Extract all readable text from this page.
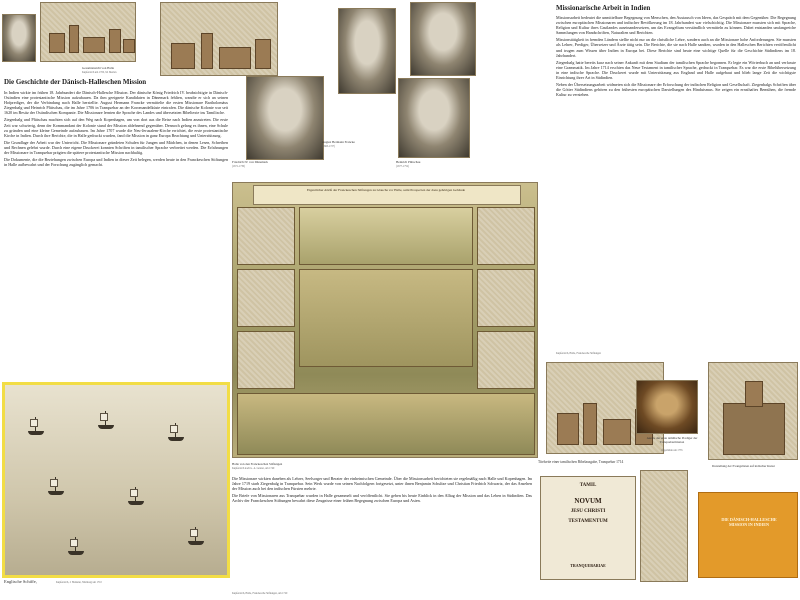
Gesamtansicht von Halle
Kupferstich um 1700, M. Merian
Friedrich IV. von Dänemark
(1671-1730)
August Hermann Francke
(1663-1727)
Heinrich Plütschau
(1677-1752)
Die Geschichte der Dänisch-Halleschen Mission

In Indien wirkte im frühen 18. Jahrhundert die Dänisch-Hallesche Mission. Der dänische König Friedrich IV. beabsichtigte in Dänisch-Ostindien eine protestantische Mission aufzubauen. Da ihm geeignete Kandidaten in Dänemark fehlten, wandte er sich an seinen Hofprediger, der die Verbindung nach Halle herstellte. August Hermann Francke vermittelte die ersten Missionare Bartholomäus Ziegenbalg und Heinrich Plütschau, die im Jahre 1706 in Tranquebar an der Koromandelküste eintrafen. Die dänische Kolonie war seit 1620 im Besitz der Ostindischen Kompanie. Die Missionare lernten die Sprache des Landes und übersetzten Bibeltexte ins Tamilische.

Ziegenbalg und Plütschau machten sich auf den Weg nach Kopenhagen, um von dort aus die Reise nach Indien anzutreten. Die erste Zeit war schwierig, denn der Kommandant der Kolonie stand der Mission ablehnend gegenüber. Dennoch gelang es ihnen, eine Schule zu gründen und eine kleine Gemeinde aufzubauen. Im Jahre 1707 wurde die Neu-Jerusalem-Kirche errichtet, die erste protestantische Kirche in Indien. Durch ihre Berichte, die in Halle gedruckt wurden, fand die Mission in ganz Europa Beachtung und Unterstützung.

Die Grundlage der Arbeit war der Unterricht. Die Missionare gründeten Schulen für Jungen und Mädchen, in denen Lesen, Schreiben und Rechnen gelehrt wurde. Durch eine eigene Druckerei konnten Schriften in tamilischer Sprache verbreitet werden. Die Erfahrungen der Missionare in Tranquebar prägten die spätere protestantische Mission nachhaltig.

Die Dokumente, die die Beziehungen zwischen Europa und Indien in dieser Zeit belegen, werden heute in den Franckeschen Stiftungen in Halle aufbewahrt und der Forschung zugänglich gemacht.

Englische Schiffe,	Kupferstich, J. Homann, Nürnberg um 1710
Eigentlicher Abriß der Franckeschen Stiftungen zu Glaucha vor Halle, samt Prospecten der dazu gehörigen Gebäude
Halle von den Franckeschen Stiftungen
Kupferstich nach G. A. Gruner, um 1749

Die Missionare wirkten daneben als Lehrer, Seelsorger und Berater der einheimischen Gemeinde. Über die Missionsarbeit berichteten sie regelmäßig nach Halle und Kopenhagen. Im Jahre 1719 starb Ziegenbalg in Tranquebar. Sein Werk wurde von seinen Nachfolgern fortgesetzt, unter ihnen Benjamin Schultze und Christian Friedrich Schwartz, der das Ansehen der Mission auch bei den indischen Fürsten mehrte.

Die Briefe von Missionaren aus Tranquebar wurden in Halle gesammelt und veröffentlicht. Sie geben bis heute Einblick in den Alltag der Mission und das Leben in Südindien. Das Archiv der Franckeschen Stiftungen bewahrt diese Zeugnisse einer frühen Begegnung zwischen Europa und Asien.

Kupferstich, Halle, Franckesche Stiftungen, um 1720
Missionarische Arbeit in Indien

Missionsarbeit bedeutet die unmittelbare Begegnung von Menschen, den Austausch von Ideen, das Gespräch mit dem Gegenüber. Die Begegnung zwischen europäischen Missionaren und indischer Bevölkerung im 18. Jahrhundert war vielschichtig. Die Missionare mussten sich mit Sprache, Religion und Kultur ihres Gastlandes auseinandersetzen, um das Evangelium verständlich vermitteln zu können. Dabei entstanden umfangreiche Sammlungen von Handschriften, Naturalien und Berichten.

Missionstätigkeit in fremden Ländern stellte nicht nur an die christliche Lehre, sondern auch an die Missionare hohe Anforderungen. Sie mussten als Lehrer, Prediger, Übersetzer und Ärzte tätig sein. Die Berichte, die sie nach Halle sandten, wurden in den Halleschen Berichten veröffentlicht und trugen zum Wissen über Indien in Europa bei. Diese Berichte sind heute eine wichtige Quelle für die Geschichte Südindiens im 18. Jahrhundert.

Ziegenbalg hatte bereits kurz nach seiner Ankunft mit dem Studium der tamilischen Sprache begonnen. Er legte ein Wörterbuch an und verfasste eine Grammatik. Im Jahre 1714 erschien das Neue Testament in tamilischer Sprache, gedruckt in Tranquebar. Es war die erste Bibelübersetzung in eine indische Sprache. Die Druckerei wurde mit Unterstützung aus England und Halle aufgebaut und blieb lange Zeit die wichtigste Einrichtung ihrer Art in Südindien.

Neben der Übersetzungsarbeit widmeten sich die Missionare der Erforschung der indischen Religion und Gesellschaft. Ziegenbalgs Schriften über die Götter Südindiens gehören zu den frühesten europäischen Darstellungen des Hinduismus. Sie zeigen ein ernsthaftes Bemühen, die fremde Kultur zu verstehen.

Kupferstich, Halle, Franckesche Stiftungen
Aaron, der erste tamilische Prediger der Tranquebarmission
Ölgemälde um 1735
Titelseite einer tamilischen Bibelausgabe, Tranquebar 1714
TAMIL
NOVUM
JESU CHRISTI
TESTAMENTUM
TRANQUEBARIAE
Darstellung der Evangelisten auf indischer Kunst
DIE DÄNISCH-HALLESCHE MISSION IN INDIEN
